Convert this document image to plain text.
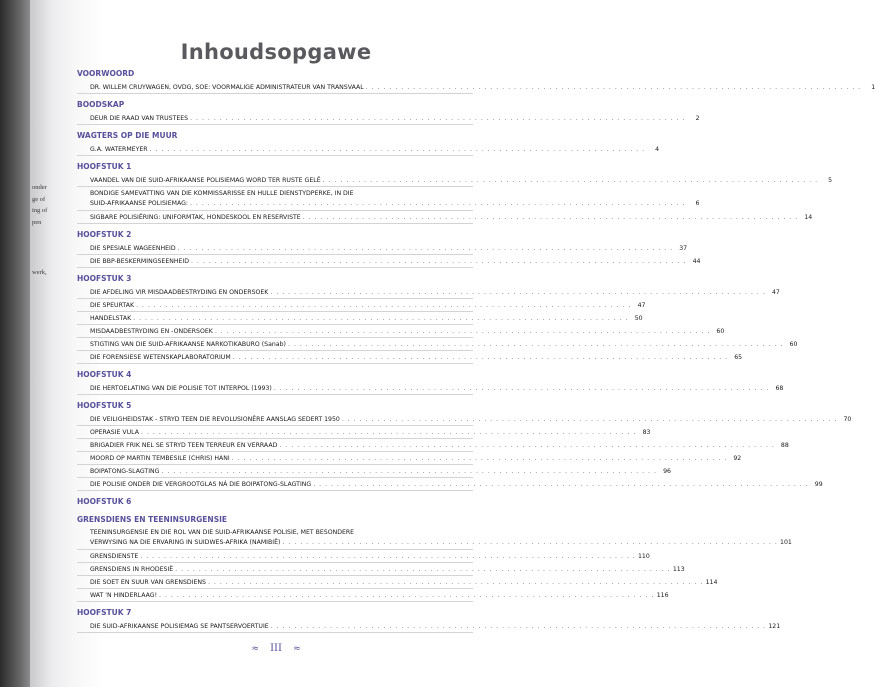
onder
ge of
ing of
pen
werk,
Inhoudsopgawe
VOORWOORD
DR. WILLEM CRUYWAGEN, OVDG, SOE: VOORMALIGE ADMINISTRATEUR VAN TRANSVAAL . . . . . . . . . . . . . . . . . . . . . . . . . . . . . . . . . . . . . . . . . . . . . . . . . . . . . . . . . . . . . . . . . . . . . . . . . . . . . . . . . . . .	1
BOODSKAP
DEUR DIE RAAD VAN TRUSTEES . . . . . . . . . . . . . . . . . . . . . . . . . . . . . . . . . . . . . . . . . . . . . . . . . . . . . . . . . . . . . . . . . . . . . . . . . . . . . . . . . . . .	2
WAGTERS OP DIE MUUR
G.A. WATERMEYER . . . . . . . . . . . . . . . . . . . . . . . . . . . . . . . . . . . . . . . . . . . . . . . . . . . . . . . . . . . . . . . . . . . . . . . . . . . . . . . . . . . .	4
HOOFSTUK 1
VAANDEL VAN DIE SUID-AFRIKAANSE POLISIEMAG WORD TER RUSTE GELÊ . . . . . . . . . . . . . . . . . . . . . . . . . . . . . . . . . . . . . . . . . . . . . . . . . . . . . . . . . . . . . . . . . . . . . . . . . . . . . . . . . . . .	5
BONDIGE SAMEVATTING VAN DIE KOMMISSARISSE EN HULLE DIENSTYDPERKE, IN DIE
SUID-AFRIKAANSE POLISIEMAG: . . . . . . . . . . . . . . . . . . . . . . . . . . . . . . . . . . . . . . . . . . . . . . . . . . . . . . . . . . . . . . . . . . . . . . . . . . . . . . . . . . . .	6
SIGBARE POLISIËRING: UNIFORMTAK, HONDESKOOL EN RESERVISTE . . . . . . . . . . . . . . . . . . . . . . . . . . . . . . . . . . . . . . . . . . . . . . . . . . . . . . . . . . . . . . . . . . . . . . . . . . . . . . . . . . . . 14
HOOFSTUK 2
DIE SPESIALE WAGEENHEID . . . . . . . . . . . . . . . . . . . . . . . . . . . . . . . . . . . . . . . . . . . . . . . . . . . . . . . . . . . . . . . . . . . . . . . . . . . . . . . . . . . . 37
DIE BBP-BESKERMINGSEENHEID . . . . . . . . . . . . . . . . . . . . . . . . . . . . . . . . . . . . . . . . . . . . . . . . . . . . . . . . . . . . . . . . . . . . . . . . . . . . . . . . . . . . 44
HOOFSTUK 3
DIE AFDELING VIR MISDAADBESTRYDING EN ONDERSOEK . . . . . . . . . . . . . . . . . . . . . . . . . . . . . . . . . . . . . . . . . . . . . . . . . . . . . . . . . . . . . . . . . . . . . . . . . . . . . . . . . . . . 47
DIE SPEURTAK . . . . . . . . . . . . . . . . . . . . . . . . . . . . . . . . . . . . . . . . . . . . . . . . . . . . . . . . . . . . . . . . . . . . . . . . . . . . . . . . . . . . 47
HANDELSTAK . . . . . . . . . . . . . . . . . . . . . . . . . . . . . . . . . . . . . . . . . . . . . . . . . . . . . . . . . . . . . . . . . . . . . . . . . . . . . . . . . . . . 50
MISDAADBESTRYDING EN -ONDERSOEK . . . . . . . . . . . . . . . . . . . . . . . . . . . . . . . . . . . . . . . . . . . . . . . . . . . . . . . . . . . . . . . . . . . . . . . . . . . . . . . . . . . . 60
STIGTING VAN DIE SUID-AFRIKAANSE NARKOTIKABURO (Sanab) . . . . . . . . . . . . . . . . . . . . . . . . . . . . . . . . . . . . . . . . . . . . . . . . . . . . . . . . . . . . . . . . . . . . . . . . . . . . . . . . . . . . 60
DIE FORENSIESE WETENSKAPLABORATORIUM . . . . . . . . . . . . . . . . . . . . . . . . . . . . . . . . . . . . . . . . . . . . . . . . . . . . . . . . . . . . . . . . . . . . . . . . . . . . . . . . . . . . 65
HOOFSTUK 4
DIE HERTOELATING VAN DIE POLISIE TOT INTERPOL (1993) . . . . . . . . . . . . . . . . . . . . . . . . . . . . . . . . . . . . . . . . . . . . . . . . . . . . . . . . . . . . . . . . . . . . . . . . . . . . . . . . . . . . 68
HOOFSTUK 5
DIE VEILIGHEIDSTAK - STRYD TEEN DIE REVOLUSIONÊRE AANSLAG SEDERT 1950 . . . . . . . . . . . . . . . . . . . . . . . . . . . . . . . . . . . . . . . . . . . . . . . . . . . . . . . . . . . . . . . . . . . . . . . . . . . . . . . . . . . . 70
OPERASIE VULA . . . . . . . . . . . . . . . . . . . . . . . . . . . . . . . . . . . . . . . . . . . . . . . . . . . . . . . . . . . . . . . . . . . . . . . . . . . . . . . . . . . . 83
BRIGADIER FRIK NEL SE STRYD TEEN TERREUR EN VERRAAD . . . . . . . . . . . . . . . . . . . . . . . . . . . . . . . . . . . . . . . . . . . . . . . . . . . . . . . . . . . . . . . . . . . . . . . . . . . . . . . . . . . . 88
MOORD OP MARTIN TEMBESILE (CHRIS) HANI . . . . . . . . . . . . . . . . . . . . . . . . . . . . . . . . . . . . . . . . . . . . . . . . . . . . . . . . . . . . . . . . . . . . . . . . . . . . . . . . . . . . 92
BOIPATONG-SLAGTING . . . . . . . . . . . . . . . . . . . . . . . . . . . . . . . . . . . . . . . . . . . . . . . . . . . . . . . . . . . . . . . . . . . . . . . . . . . . . . . . . . . . 96
DIE POLISIE ONDER DIE VERGROOTGLAS NÁ DIE BOIPATONG-SLAGTING . . . . . . . . . . . . . . . . . . . . . . . . . . . . . . . . . . . . . . . . . . . . . . . . . . . . . . . . . . . . . . . . . . . . . . . . . . . . . . . . . . . . 99
HOOFSTUK 6
GRENSDIENS EN TEENINSURGENSIE
TEENINSURGENSIE EN DIE ROL VAN DIE SUID-AFRIKAANSE POLISIE, MET BESONDERE
VERWYSING NA DIE ERVARING IN SUIDWES-AFRIKA (NAMIBIË) . . . . . . . . . . . . . . . . . . . . . . . . . . . . . . . . . . . . . . . . . . . . . . . . . . . . . . . . . . . . . . . . . . . . . . . . . . . . . . . . . . . . 101
GRENSDIENSTE . . . . . . . . . . . . . . . . . . . . . . . . . . . . . . . . . . . . . . . . . . . . . . . . . . . . . . . . . . . . . . . . . . . . . . . . . . . . . . . . . . . . 110
GRENSDIENS IN RHODESIË . . . . . . . . . . . . . . . . . . . . . . . . . . . . . . . . . . . . . . . . . . . . . . . . . . . . . . . . . . . . . . . . . . . . . . . . . . . . . . . . . . . . 113
DIE SOET EN SUUR VAN GRENSDIENS . . . . . . . . . . . . . . . . . . . . . . . . . . . . . . . . . . . . . . . . . . . . . . . . . . . . . . . . . . . . . . . . . . . . . . . . . . . . . . . . . . . . 114
WAT 'N HINDERLAAG! . . . . . . . . . . . . . . . . . . . . . . . . . . . . . . . . . . . . . . . . . . . . . . . . . . . . . . . . . . . . . . . . . . . . . . . . . . . . . . . . . . . . 116
HOOFSTUK 7
DIE SUID-AFRIKAANSE POLISIEMAG SE PANTSERVOERTUIE . . . . . . . . . . . . . . . . . . . . . . . . . . . . . . . . . . . . . . . . . . . . . . . . . . . . . . . . . . . . . . . . . . . . . . . . . . . . . . . . . . . . 121
≈ III ≈
